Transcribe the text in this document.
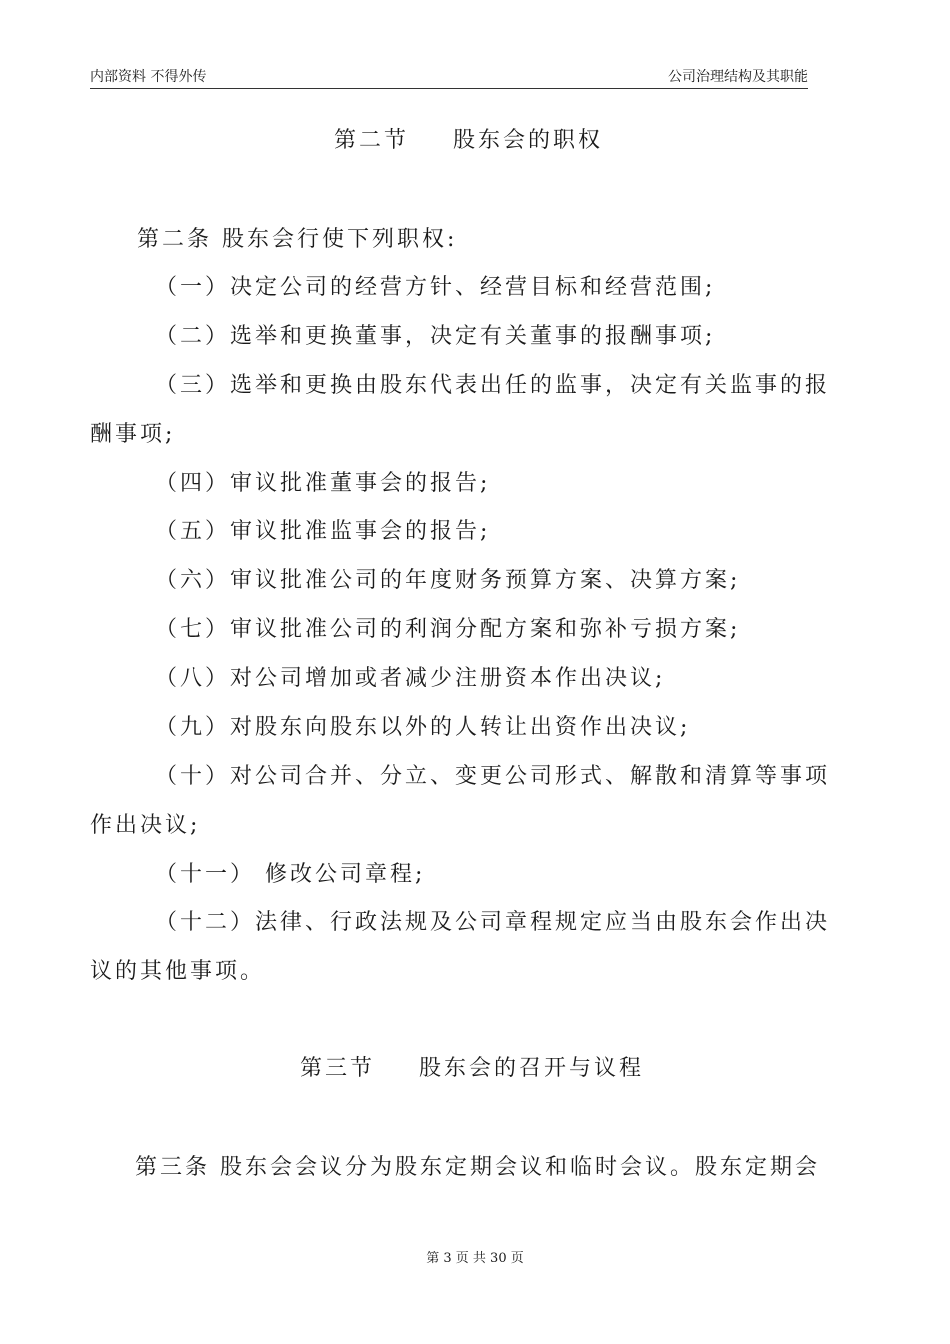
内部资料 不得外传	公司治理结构及其职能
第二节 股东会的职权
第二条 股东会行使下列职权:
（一）决定公司的经营方针、经营目标和经营范围;
（二）选举和更换董事，决定有关董事的报酬事项;
（三）选举和更换由股东代表出任的监事，决定有关监事的报
酬事项;
（四）审议批准董事会的报告;
（五）审议批准监事会的报告;
（六）审议批准公司的年度财务预算方案、决算方案;
（七）审议批准公司的利润分配方案和弥补亏损方案;
（八）对公司增加或者减少注册资本作出决议;
（九）对股东向股东以外的人转让出资作出决议;
（十）对公司合并、分立、变更公司形式、解散和清算等事项
作出决议;
（十一） 修改公司章程;
（十二）法律、行政法规及公司章程规定应当由股东会作出决
议的其他事项。
第三节 股东会的召开与议程
第三条 股东会会议分为股东定期会议和临时会议。股东定期会
第 3 页 共 30 页
